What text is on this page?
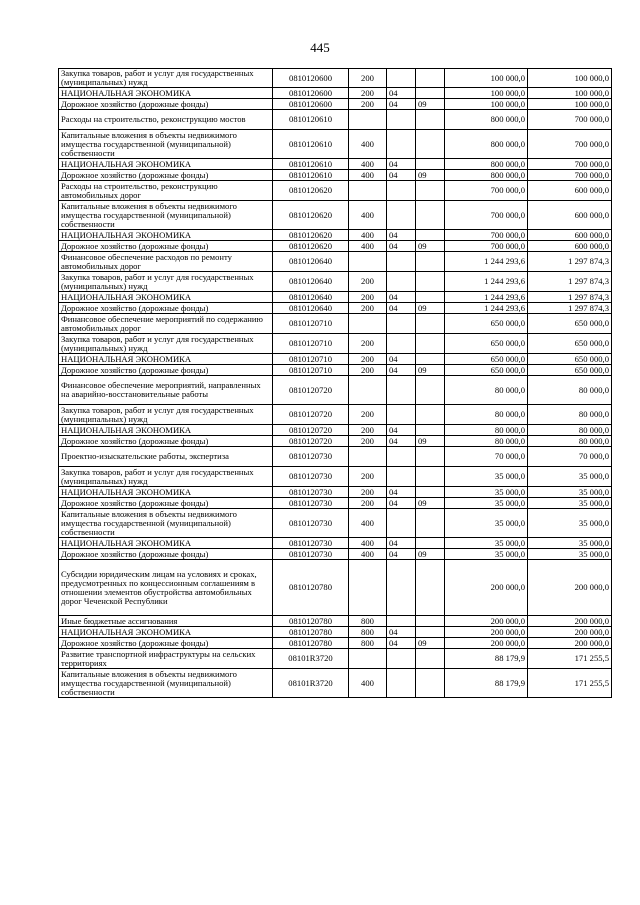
445
Закупка товаров, работ и услуг для государственных (муниципальных) нужд	0810120600	200			100 000,0	100 000,0
НАЦИОНАЛЬНАЯ ЭКОНОМИКА	0810120600	200	04		100 000,0	100 000,0
Дорожное хозяйство (дорожные фонды)	0810120600	200	04	09	100 000,0	100 000,0
Расходы на строительство, реконструкцию мостов	0810120610				800 000,0	700 000,0
Капитальные вложения в объекты недвижимого имущества государственной (муниципальной) собственности	0810120610	400			800 000,0	700 000,0
НАЦИОНАЛЬНАЯ ЭКОНОМИКА	0810120610	400	04		800 000,0	700 000,0
Дорожное хозяйство (дорожные фонды)	0810120610	400	04	09	800 000,0	700 000,0
Расходы на строительство, реконструкцию автомобильных дорог	0810120620				700 000,0	600 000,0
Капитальные вложения в объекты недвижимого имущества государственной (муниципальной) собственности	0810120620	400			700 000,0	600 000,0
НАЦИОНАЛЬНАЯ ЭКОНОМИКА	0810120620	400	04		700 000,0	600 000,0
Дорожное хозяйство (дорожные фонды)	0810120620	400	04	09	700 000,0	600 000,0
Финансовое обеспечение расходов по ремонту автомобильных дорог	0810120640				1 244 293,6	1 297 874,3
Закупка товаров, работ и услуг для государственных (муниципальных) нужд	0810120640	200			1 244 293,6	1 297 874,3
НАЦИОНАЛЬНАЯ ЭКОНОМИКА	0810120640	200	04		1 244 293,6	1 297 874,3
Дорожное хозяйство (дорожные фонды)	0810120640	200	04	09	1 244 293,6	1 297 874,3
Финансовое обеспечение мероприятий по содержанию автомобильных дорог	0810120710				650 000,0	650 000,0
Закупка товаров, работ и услуг для государственных (муниципальных) нужд	0810120710	200			650 000,0	650 000,0
НАЦИОНАЛЬНАЯ ЭКОНОМИКА	0810120710	200	04		650 000,0	650 000,0
Дорожное хозяйство (дорожные фонды)	0810120710	200	04	09	650 000,0	650 000,0
Финансовое обеспечение мероприятий, направленных на аварийно-восстановительные работы	0810120720				80 000,0	80 000,0
Закупка товаров, работ и услуг для государственных (муниципальных) нужд	0810120720	200			80 000,0	80 000,0
НАЦИОНАЛЬНАЯ ЭКОНОМИКА	0810120720	200	04		80 000,0	80 000,0
Дорожное хозяйство (дорожные фонды)	0810120720	200	04	09	80 000,0	80 000,0
Проектно-изыскательские работы, экспертиза	0810120730				70 000,0	70 000,0
Закупка товаров, работ и услуг для государственных (муниципальных) нужд	0810120730	200			35 000,0	35 000,0
НАЦИОНАЛЬНАЯ ЭКОНОМИКА	0810120730	200	04		35 000,0	35 000,0
Дорожное хозяйство (дорожные фонды)	0810120730	200	04	09	35 000,0	35 000,0
Капитальные вложения в объекты недвижимого имущества государственной (муниципальной) собственности	0810120730	400			35 000,0	35 000,0
НАЦИОНАЛЬНАЯ ЭКОНОМИКА	0810120730	400	04		35 000,0	35 000,0
Дорожное хозяйство (дорожные фонды)	0810120730	400	04	09	35 000,0	35 000,0
Субсидии юридическим лицам на условиях и сроках, предусмотренных по концессионным соглашениям в отношении элементов обустройства автомобильных дорог Чеченской Республики	0810120780				200 000,0	200 000,0
Иные бюджетные ассигнования	0810120780	800			200 000,0	200 000,0
НАЦИОНАЛЬНАЯ ЭКОНОМИКА	0810120780	800	04		200 000,0	200 000,0
Дорожное хозяйство (дорожные фонды)	0810120780	800	04	09	200 000,0	200 000,0
Развитие транспортной инфраструктуры на сельских территориях	08101R3720				88 179,9	171 255,5
Капитальные вложения в объекты недвижимого имущества государственной (муниципальной) собственности	08101R3720	400			88 179,9	171 255,5
